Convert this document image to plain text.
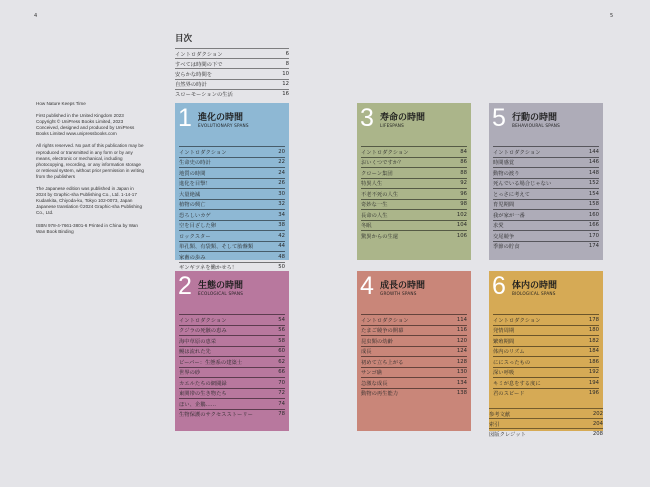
4	5

How Nature Keeps Time

First published in the United Kingdom 2023 Copyright © UniPress Books Limited, 2023 Conceived, designed and produced by UniPress Books Limited www.unipressbooks.com

All rights reserved. No part of this publication may be reproduced or transmitted in any form or by any means, electronic or mechanical, including photocopying, recording, or any information storage or retrieval system, without prior permission in writing from the publishers

The Japanese edition was published in Japan in 2024 by Graphic-sha Publishing Co., Ltd. 1-14-17 Kudankita, Chiyoda-ku, Tokyo 102-0073, Japan Japanese translation ©2024 Graphic-sha Publishing Co., Ltd.

ISBN 978-4-7661-3801-6 Printed in China by Wan Wan Book Binding

目次
イントロダクション	6
すべては時間の下で	8
安らかな時間を	10
自然界の時計	12
スローモーションの生活	16
1 進化の時間
EVOLUTIONARY SPANS
イントロダクション	20
生命史の時計	22
地質の時間	24
進化を目撃！	26
大量絶滅	30
植物の興亡	32
恐ろしいカゲ	34
空を目ざした卵	38
ロックスター	42
単孔類、有袋類、そして胎盤類	44
家畜の歩み	48
ギンギツネを働かせろ！	50
2 生態の時間
ECOLOGICAL SPANS
イントロダクション	54
クジラの死骸の恵み	56
海中草原の恵栄	58
鰻は流れた先	60
ビーバー：生態系の建築士	62
世界の砂	66
カエルたちの網闘録	70
東関帯の生き物たち	72
ほい、企鵝……	74
生物保護のサクセスストーリー	78
3 寿命の時間
LIFESPANS
イントロダクション	84
おいくつですか？	86
クローン集団	88
特異人生	92
不老不死の人生	96
奇妙な一生	98
長命の人生	102
冬眠	104
驚異からの生還	106
4 成長の時間
GROWTH SPANS
イントロダクション	114
たまご競争の開幕	116
昆虫類の幼齢	120
成長	124
初めて立ち上がる	128
サンゴ礁	130
急激な成長	134
動物の再生能力	138
5 行動の時間
BEHAVIOURAL SPANS
イントロダクション	144
時間感覚	146
動物の渡り	148
死んでいる場合じゃない	152
とっさに考えて	154
育児期間	158
我が家が一番	160
求愛	166
交尾競争	170
季節の貯食	174
6 体内の時間
BIOLOGICAL SPANS
イントロダクション	178
発情周期	180
繁殖期間	182
体内のリズム	184
ににスったもの	186
深い呼吸	192
キミが息をする度に	194
君のスピード	196
参考文献	202
索引	204
図版クレジット	208
